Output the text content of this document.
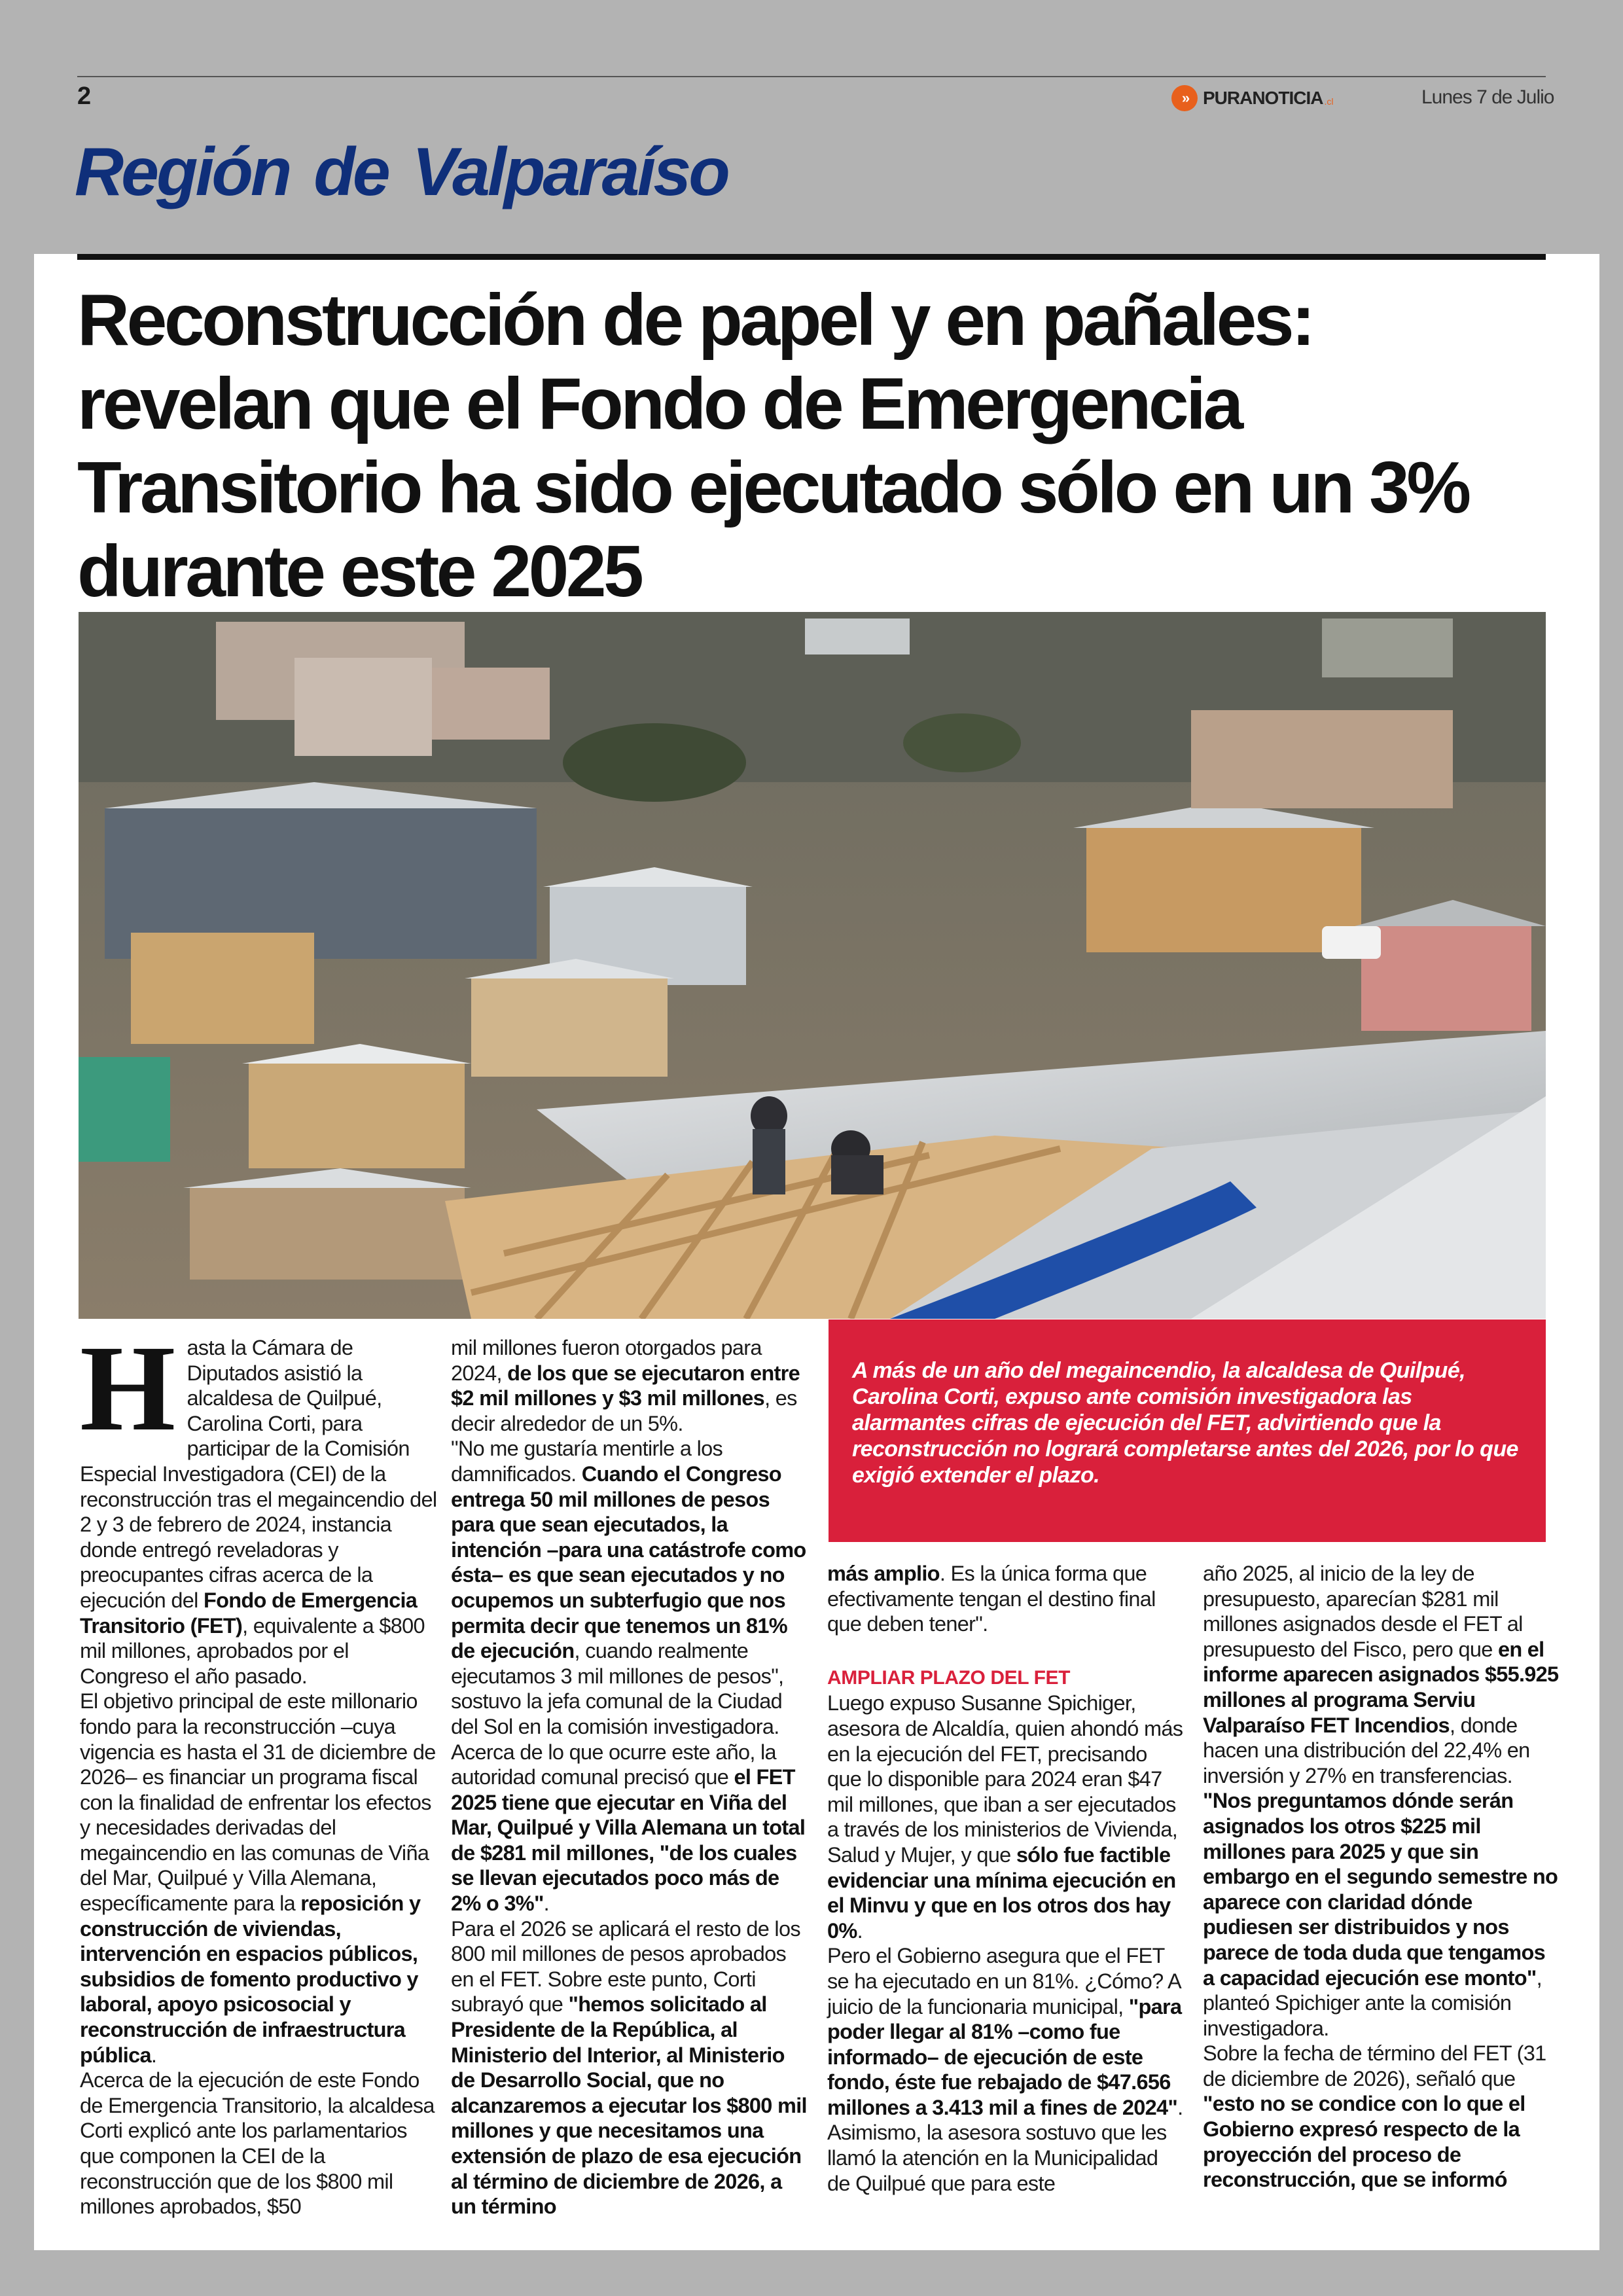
2	» PURANOTICIA .cl	Lunes 7 de Julio
Región de Valparaíso
Reconstrucción de papel y en pañales: revelan que el Fondo de Emergencia Transitorio ha sido ejecutado sólo en un 3% durante este 2025

A más de un año del megaincendio, la alcaldesa de Quilpué, Carolina Corti, expuso ante comisión investigadora las alarmantes cifras de ejecución del FET, advirtiendo que la reconstrucción no logrará completarse antes del 2026, por lo que exigió extender el plazo.

H asta la Cámara de Diputados asistió la alcaldesa de Quilpué, Carolina Corti, para participar de la Comisión Especial Investigadora (CEI) de la reconstrucción tras el megaincendio del 2 y 3 de febrero de 2024, instancia donde entregó reveladoras y preocupantes cifras acerca de la ejecución del Fondo de Emergencia Transitorio (FET), equivalente a $800 mil millones, aprobados por el Congreso el año pasado.

El objetivo principal de este millonario fondo para la reconstrucción –cuya vigencia es hasta el 31 de diciembre de 2026– es financiar un programa fiscal con la finalidad de enfrentar los efectos y necesidades derivadas del megaincendio en las comunas de Viña del Mar, Quilpué y Villa Alemana, específicamente para la reposición y construcción de viviendas, intervención en espacios públicos, subsidios de fomento productivo y laboral, apoyo psicosocial y reconstrucción de infraestructura pública.

Acerca de la ejecución de este Fondo de Emergencia Transitorio, la alcaldesa Corti explicó ante los parlamentarios que componen la CEI de la reconstrucción que de los $800 mil millones aprobados, $50

mil millones fueron otorgados para 2024, de los que se ejecutaron entre $2 mil millones y $3 mil millones, es decir alrededor de un 5%.

"No me gustaría mentirle a los damnificados. Cuando el Congreso entrega 50 mil millones de pesos para que sean ejecutados, la intención –para una catástrofe como ésta– es que sean ejecutados y no ocupemos un subterfugio que nos permita decir que tenemos un 81% de ejecución, cuando realmente ejecutamos 3 mil millones de pesos", sostuvo la jefa comunal de la Ciudad del Sol en la comisión investigadora.

Acerca de lo que ocurre este año, la autoridad comunal precisó que el FET 2025 tiene que ejecutar en Viña del Mar, Quilpué y Villa Alemana un total de $281 mil millones, "de los cuales se llevan ejecutados poco más de 2% o 3%".

Para el 2026 se aplicará el resto de los 800 mil millones de pesos aprobados en el FET. Sobre este punto, Corti subrayó que "hemos solicitado al Presidente de la República, al Ministerio del Interior, al Ministerio de Desarrollo Social, que no alcanzaremos a ejecutar los $800 mil millones y que necesitamos una extensión de plazo de esa ejecución al término de diciembre de 2026, a un término

más amplio. Es la única forma que efectivamente tengan el destino final que deben tener".

AMPLIAR PLAZO DEL FET

Luego expuso Susanne Spichiger, asesora de Alcaldía, quien ahondó más en la ejecución del FET, precisando que lo disponible para 2024 eran $47 mil millones, que iban a ser ejecutados a través de los ministerios de Vivienda, Salud y Mujer, y que sólo fue factible evidenciar una mínima ejecución en el Minvu y que en los otros dos hay 0%.

Pero el Gobierno asegura que el FET se ha ejecutado en un 81%. ¿Cómo? A juicio de la funcionaria municipal, "para poder llegar al 81% –como fue informado– de ejecución de este fondo, éste fue rebajado de $47.656 millones a 3.413 mil a fines de 2024".

Asimismo, la asesora sostuvo que les llamó la atención en la Municipalidad de Quilpué que para este

año 2025, al inicio de la ley de presupuesto, aparecían $281 mil millones asignados desde el FET al presupuesto del Fisco, pero que en el informe aparecen asignados $55.925 millones al programa Serviu Valparaíso FET Incendios, donde hacen una distribución del 22,4% en inversión y 27% en transferencias.

"Nos preguntamos dónde serán asignados los otros $225 mil millones para 2025 y que sin embargo en el segundo semestre no aparece con claridad dónde pudiesen ser distribuidos y nos parece de toda duda que tengamos a capacidad ejecución ese monto", planteó Spichiger ante la comisión investigadora.

Sobre la fecha de término del FET (31 de diciembre de 2026), señaló que "esto no se condice con lo que el Gobierno expresó respecto de la proyección del proceso de reconstrucción, que se informó
